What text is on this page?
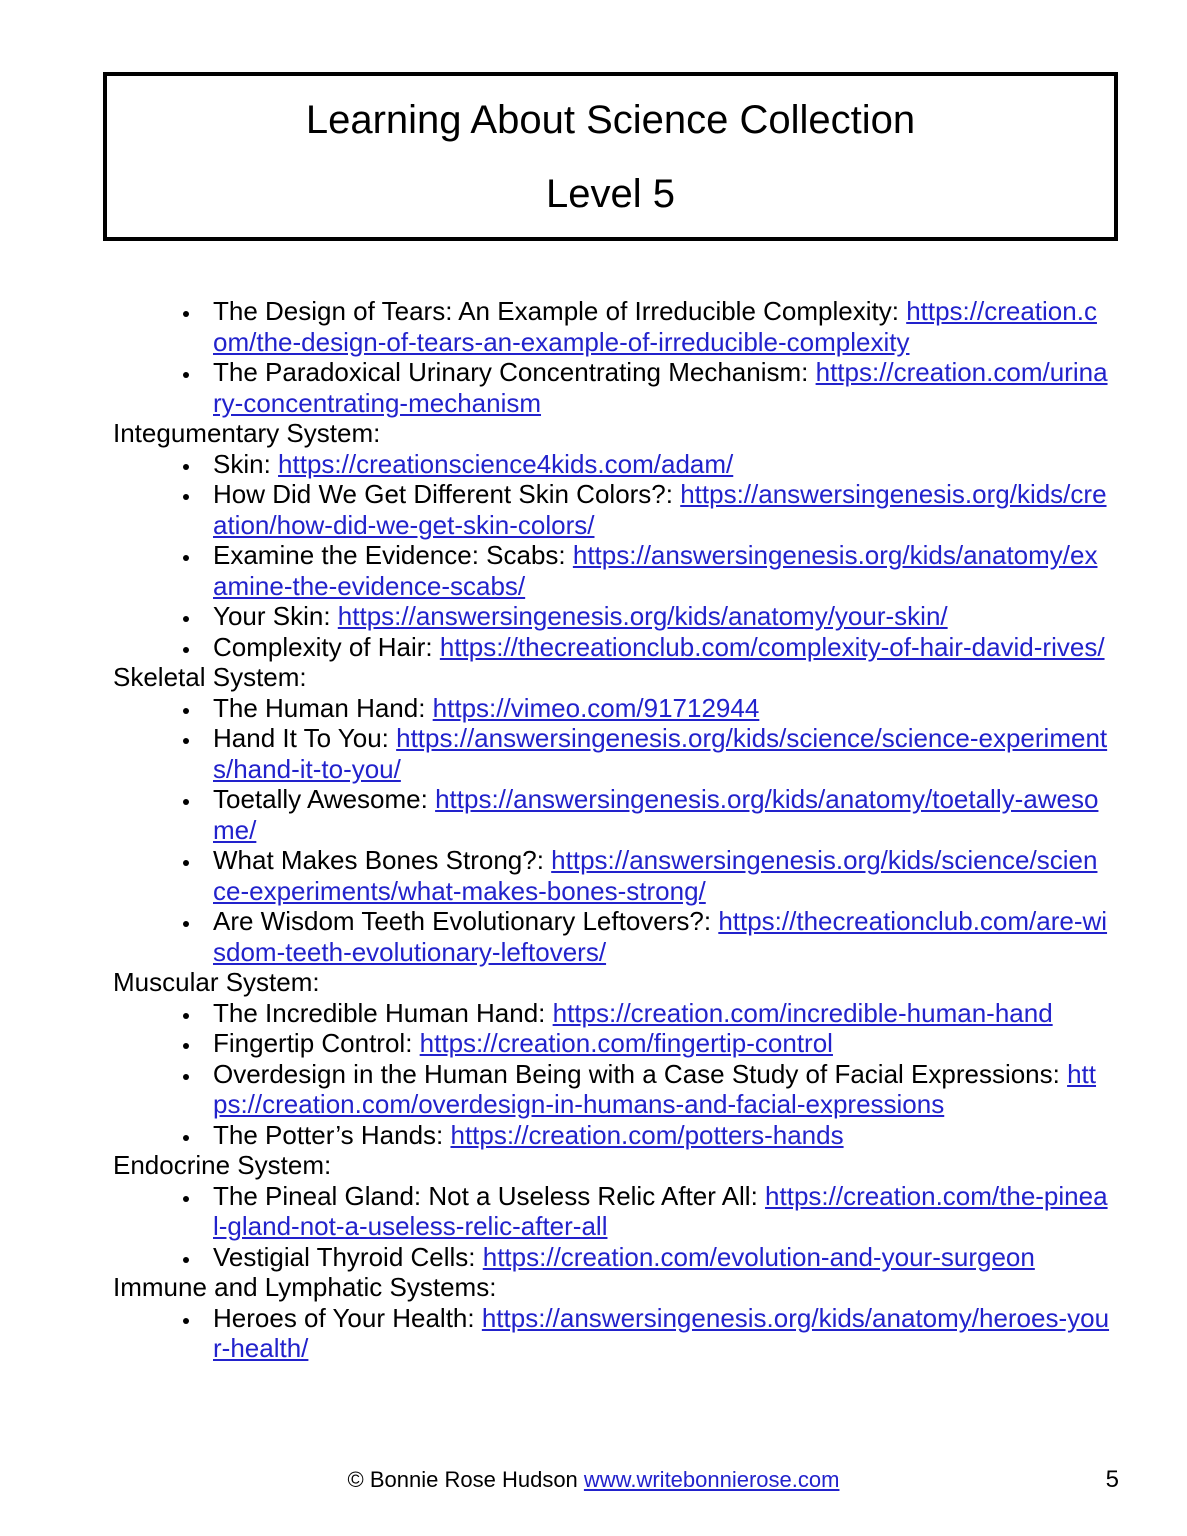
Learning About Science Collection
Level 5
The Design of Tears: An Example of Irreducible Complexity: https://creation.com/the-design-of-tears-an-example-of-irreducible-complexity
The Paradoxical Urinary Concentrating Mechanism: https://creation.com/urinary-concentrating-mechanism
Integumentary System:
Skin: https://creationscience4kids.com/adam/
How Did We Get Different Skin Colors?: https://answersingenesis.org/kids/creation/how-did-we-get-skin-colors/
Examine the Evidence: Scabs: https://answersingenesis.org/kids/anatomy/examine-the-evidence-scabs/
Your Skin: https://answersingenesis.org/kids/anatomy/your-skin/
Complexity of Hair: https://thecreationclub.com/complexity-of-hair-david-rives/
Skeletal System:
The Human Hand: https://vimeo.com/91712944
Hand It To You: https://answersingenesis.org/kids/science/science-experiments/hand-it-to-you/
Toetally Awesome: https://answersingenesis.org/kids/anatomy/toetally-awesome/
What Makes Bones Strong?: https://answersingenesis.org/kids/science/science-experiments/what-makes-bones-strong/
Are Wisdom Teeth Evolutionary Leftovers?: https://thecreationclub.com/are-wisdom-teeth-evolutionary-leftovers/
Muscular System:
The Incredible Human Hand: https://creation.com/incredible-human-hand
Fingertip Control: https://creation.com/fingertip-control
Overdesign in the Human Being with a Case Study of Facial Expressions: https://creation.com/overdesign-in-humans-and-facial-expressions
The Potter’s Hands: https://creation.com/potters-hands
Endocrine System:
The Pineal Gland: Not a Useless Relic After All: https://creation.com/the-pineal-gland-not-a-useless-relic-after-all
Vestigial Thyroid Cells: https://creation.com/evolution-and-your-surgeon
Immune and Lymphatic Systems:
Heroes of Your Health: https://answersingenesis.org/kids/anatomy/heroes-your-health/
© Bonnie Rose Hudson www.writebonnierose.com	5
